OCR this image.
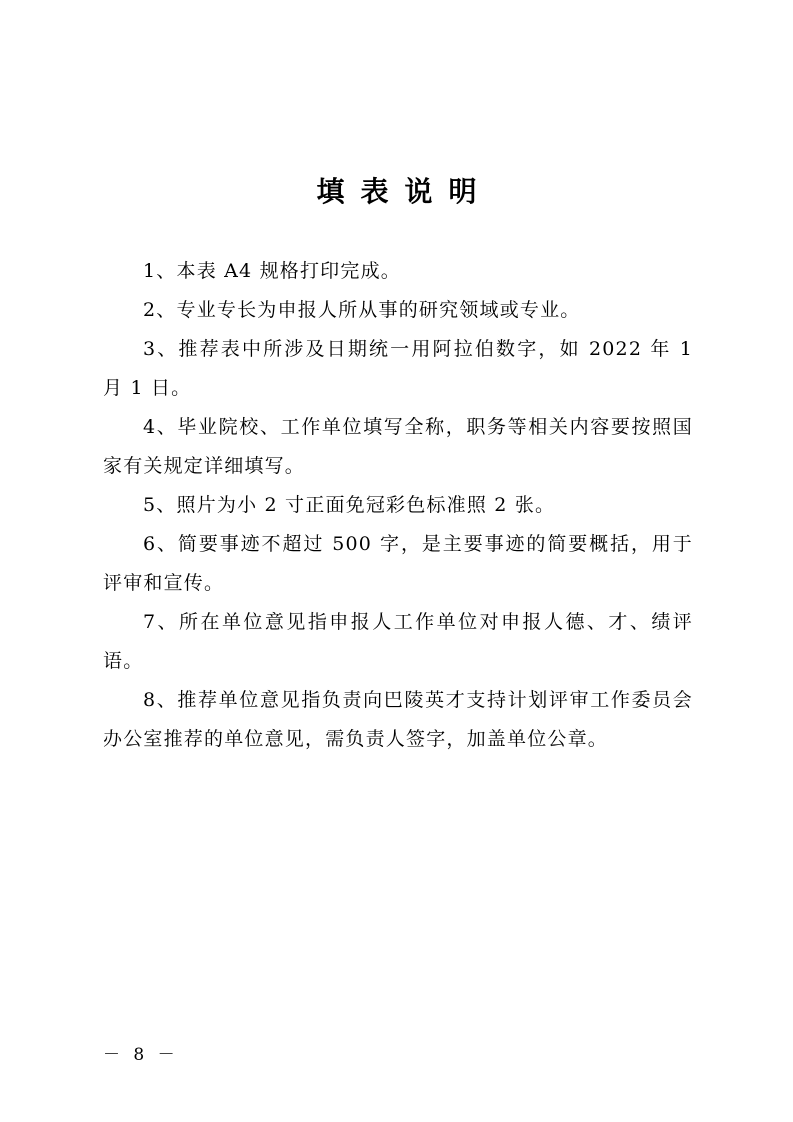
填表说明
1、本表 A4 规格打印完成。
2、专业专长为申报人所从事的研究领域或专业。
3、推荐表中所涉及日期统一用阿拉伯数字，如 2022 年 1 月 1 日。
4、毕业院校、工作单位填写全称，职务等相关内容要按照国家有关规定详细填写。
5、照片为小 2 寸正面免冠彩色标准照 2 张。
6、简要事迹不超过 500 字，是主要事迹的简要概括，用于评审和宣传。
7、所在单位意见指申报人工作单位对申报人德、才、绩评语。
8、推荐单位意见指负责向巴陵英才支持计划评审工作委员会办公室推荐的单位意见，需负责人签字，加盖单位公章。
－ 8 －
